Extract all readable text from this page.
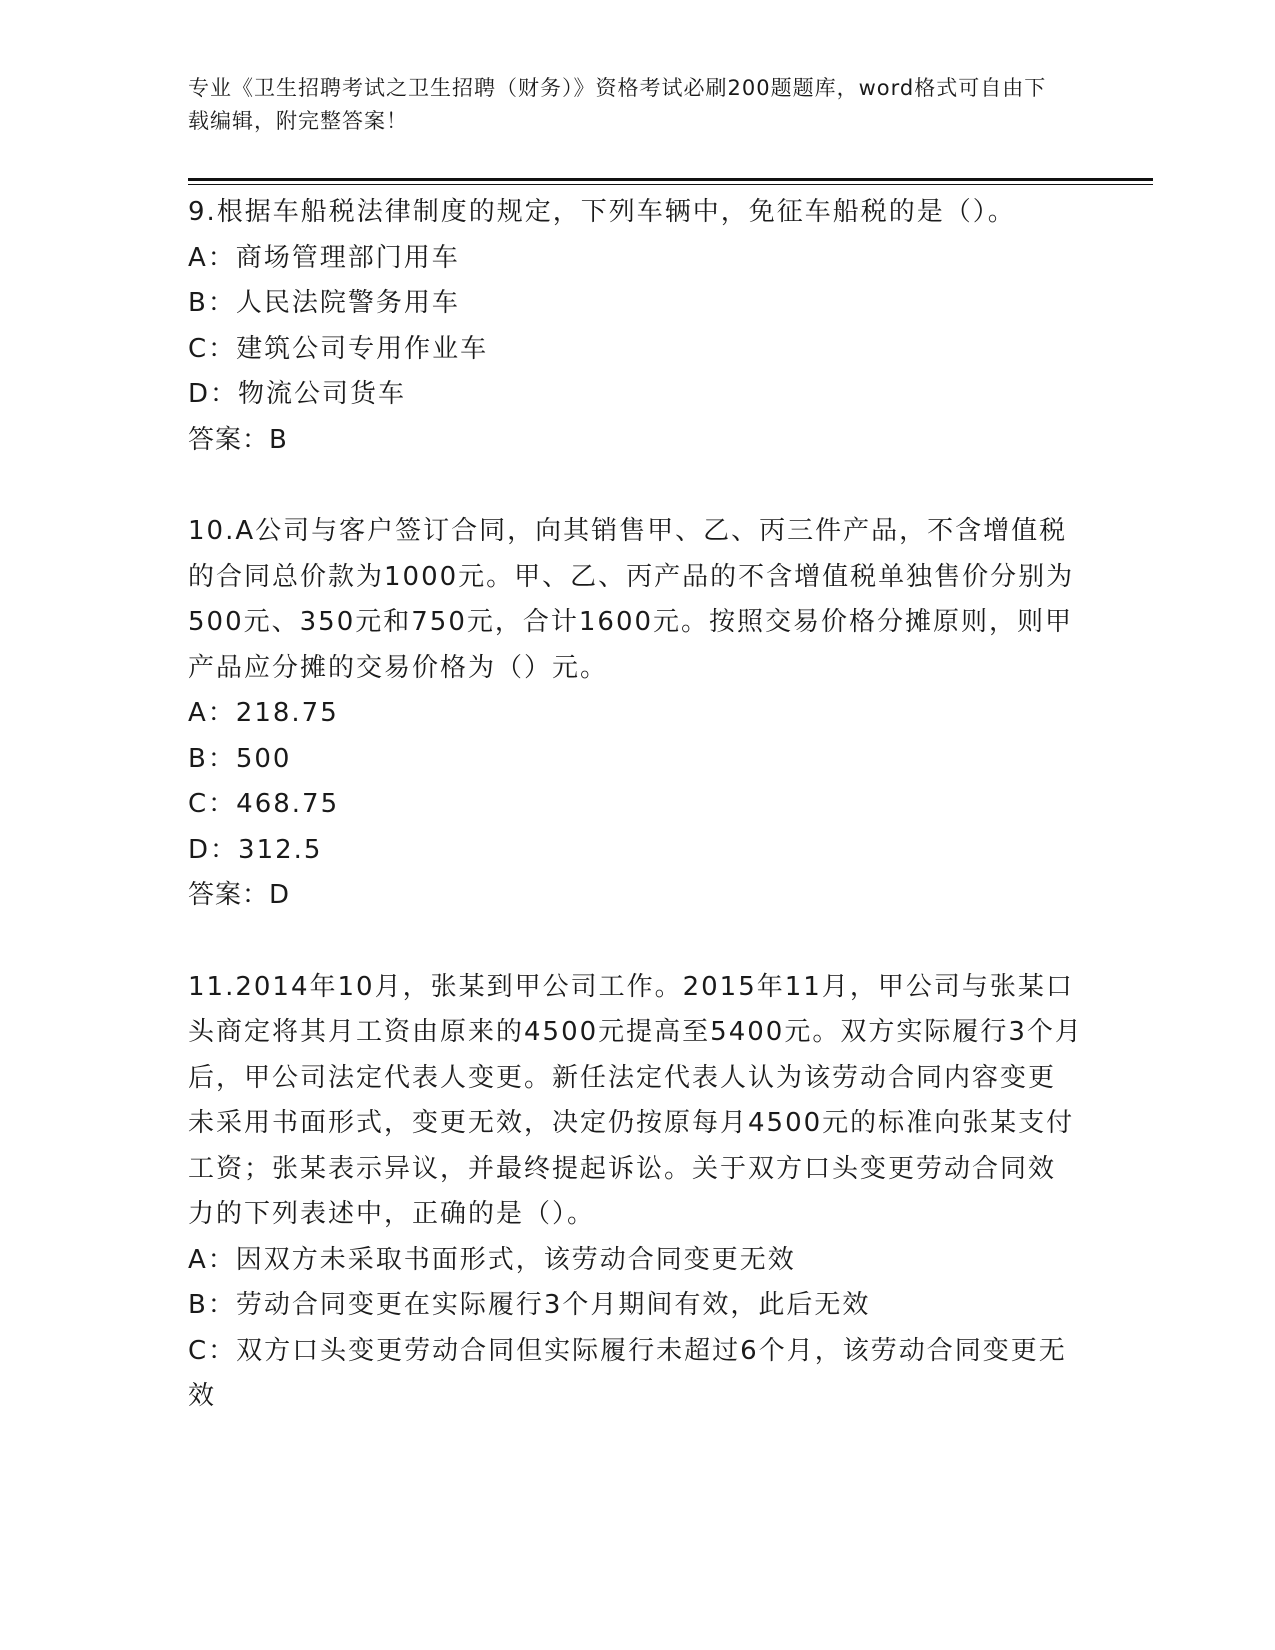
专业《卫生招聘考试之卫生招聘（财务）》资格考试必刷200题题库，word格式可自由下载编辑，附完整答案！

9.根据车船税法律制度的规定，下列车辆中，免征车船税的是（）。

A：商场管理部门用车

B：人民法院警务用车

C：建筑公司专用作业车

D：物流公司货车

答案：B

10.A公司与客户签订合同，向其销售甲、乙、丙三件产品，不含增值税的合同总价款为1000元。甲、乙、丙产品的不含增值税单独售价分别为500元、350元和750元，合计1600元。按照交易价格分摊原则，则甲产品应分摊的交易价格为（）元。

A：218.75

B：500

C：468.75

D：312.5

答案：D

11.2014年10月，张某到甲公司工作。2015年11月，甲公司与张某口头商定将其月工资由原来的4500元提高至5400元。双方实际履行3个月后，甲公司法定代表人变更。新任法定代表人认为该劳动合同内容变更未采用书面形式，变更无效，决定仍按原每月4500元的标准向张某支付工资；张某表示异议，并最终提起诉讼。关于双方口头变更劳动合同效力的下列表述中，正确的是（）。

A：因双方未采取书面形式，该劳动合同变更无效

B：劳动合同变更在实际履行3个月期间有效，此后无效

C：双方口头变更劳动合同但实际履行未超过6个月，该劳动合同变更无效
